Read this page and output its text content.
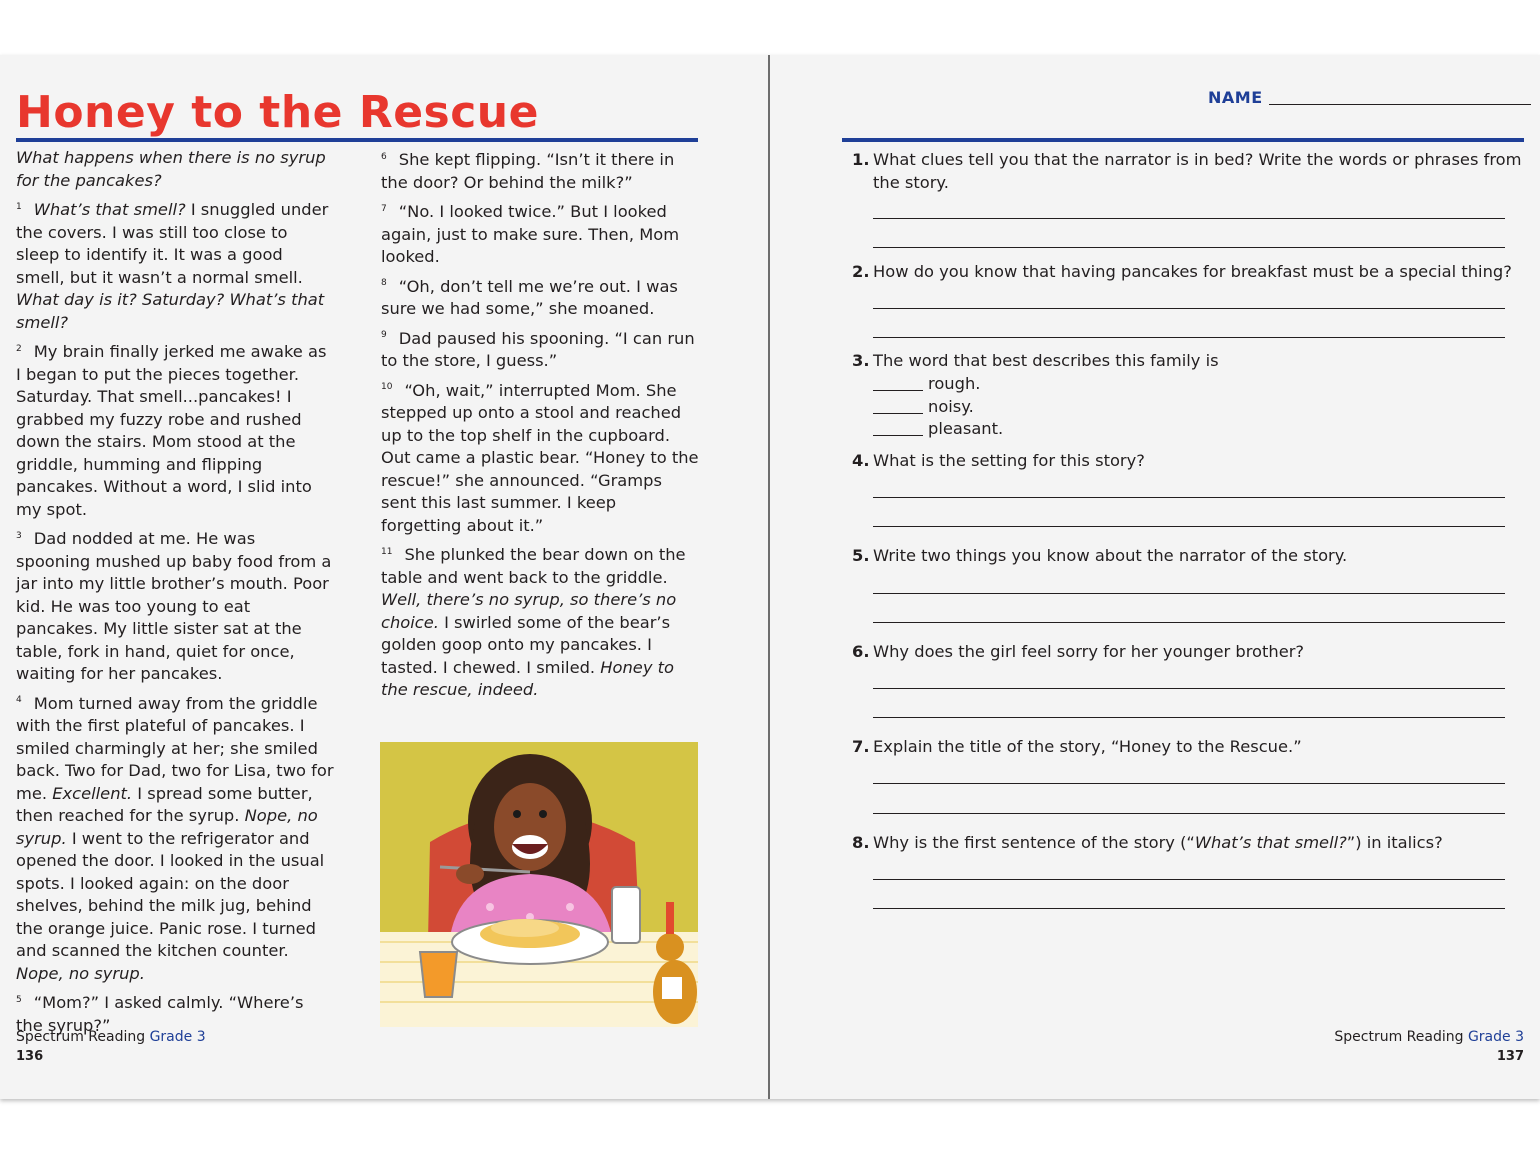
Honey to the Rescue

What happens when there is no syrup for the pancakes?

$^1$ What’s that smell? I snuggled under the covers. I was still too close to sleep to identify it. It was a good smell, but it wasn’t a normal smell. What day is it? Saturday? What’s that smell?

$^2$ My brain finally jerked me awake as I began to put the pieces together. Saturday. That smell...pancakes! I grabbed my fuzzy robe and rushed down the stairs. Mom stood at the griddle, humming and flipping pancakes. Without a word, I slid into my spot.

$^3$ Dad nodded at me. He was spooning mushed up baby food from a jar into my little brother’s mouth. Poor kid. He was too young to eat pancakes. My little sister sat at the table, fork in hand, quiet for once, waiting for her pancakes.

$^4$ Mom turned away from the griddle with the first plateful of pancakes. I smiled charmingly at her; she smiled back. Two for Dad, two for Lisa, two for me. Excellent. I spread some butter, then reached for the syrup. Nope, no syrup. I went to the refrigerator and opened the door. I looked in the usual spots. I looked again: on the door shelves, behind the milk jug, behind the orange juice. Panic rose. I turned and scanned the kitchen counter. Nope, no syrup.

$^5$ “Mom?” I asked calmly. “Where’s the syrup?”

$^6$ She kept flipping. “Isn’t it there in the door? Or behind the milk?”

$^7$ “No. I looked twice.” But I looked again, just to make sure. Then, Mom looked.

$^8$ “Oh, don’t tell me we’re out. I was sure we had some,” she moaned.

$^9$ Dad paused his spooning. “I can run to the store, I guess.”

$^{10}$ “Oh, wait,” interrupted Mom. She stepped up onto a stool and reached up to the top shelf in the cupboard. Out came a plastic bear. “Honey to the rescue!” she announced. “Gramps sent this last summer. I keep forgetting about it.”

$^{11}$ She plunked the bear down on the table and went back to the griddle. Well, there’s no syrup, so there’s no choice. I swirled some of the bear’s golden goop onto my pancakes. I tasted. I chewed. I smiled. Honey to the rescue, indeed.

Spectrum Reading Grade 3
136
NAME
1. What clues tell you that the narrator is in bed? Write the words or phrases from the story.
2. How do you know that having pancakes for breakfast must be a special thing?
3. The word that best describes this family is
rough.
noisy.
pleasant.
4. What is the setting for this story?
5. Write two things you know about the narrator of the story.
6. Why does the girl feel sorry for her younger brother?
7. Explain the title of the story, “Honey to the Rescue.”
8. Why is the first sentence of the story (“What’s that smell?”) in italics?
Spectrum Reading Grade 3
137
